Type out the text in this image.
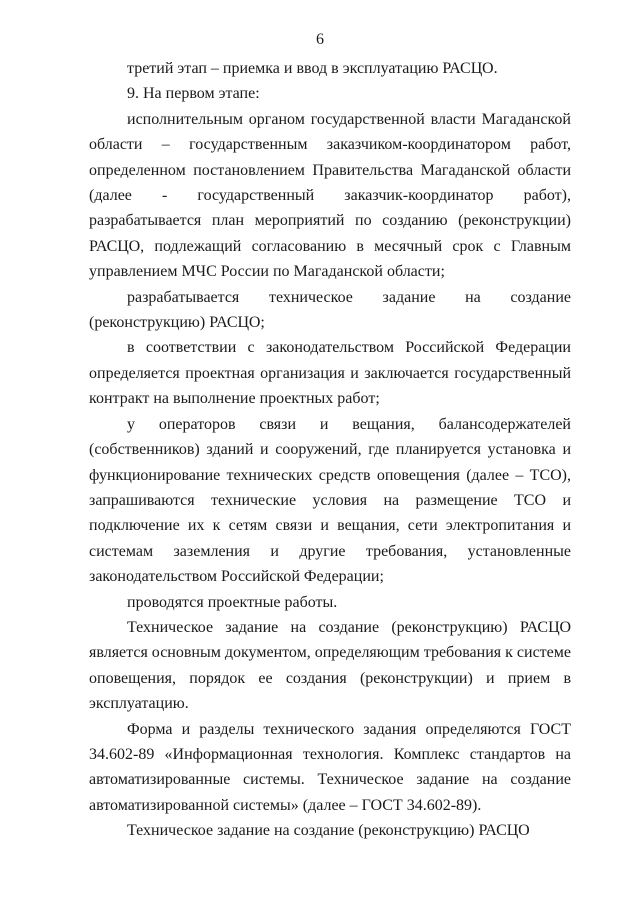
6

третий этап – приемка и ввод в эксплуатацию РАСЦО.

9. На первом этапе:

исполнительным органом государственной власти Магаданской области – государственным заказчиком-координатором работ, определенном постановлением Правительства Магаданской области (далее - государственный заказчик-координатор работ), разрабатывается план мероприятий по созданию (реконструкции) РАСЦО, подлежащий согласованию в месячный срок с Главным управлением МЧС России по Магаданской области;

разрабатывается техническое задание на создание (реконструкцию) РАСЦО;

в соответствии с законодательством Российской Федерации определяется проектная организация и заключается государственный контракт на выполнение проектных работ;

у операторов связи и вещания, балансодержателей (собственников) зданий и сооружений, где планируется установка и функционирование технических средств оповещения (далее – ТСО), запрашиваются технические условия на размещение ТСО и подключение их к сетям связи и вещания, сети электропитания и системам заземления и другие требования, установленные законодательством Российской Федерации;

проводятся проектные работы.

Техническое задание на создание (реконструкцию) РАСЦО является основным документом, определяющим требования к системе оповещения, порядок ее создания (реконструкции) и прием в эксплуатацию.

Форма и разделы технического задания определяются ГОСТ 34.602-89 «Информационная технология. Комплекс стандартов на автоматизированные системы. Техническое задание на создание автоматизированной системы» (далее – ГОСТ 34.602-89).

Техническое задание на создание (реконструкцию) РАСЦО
